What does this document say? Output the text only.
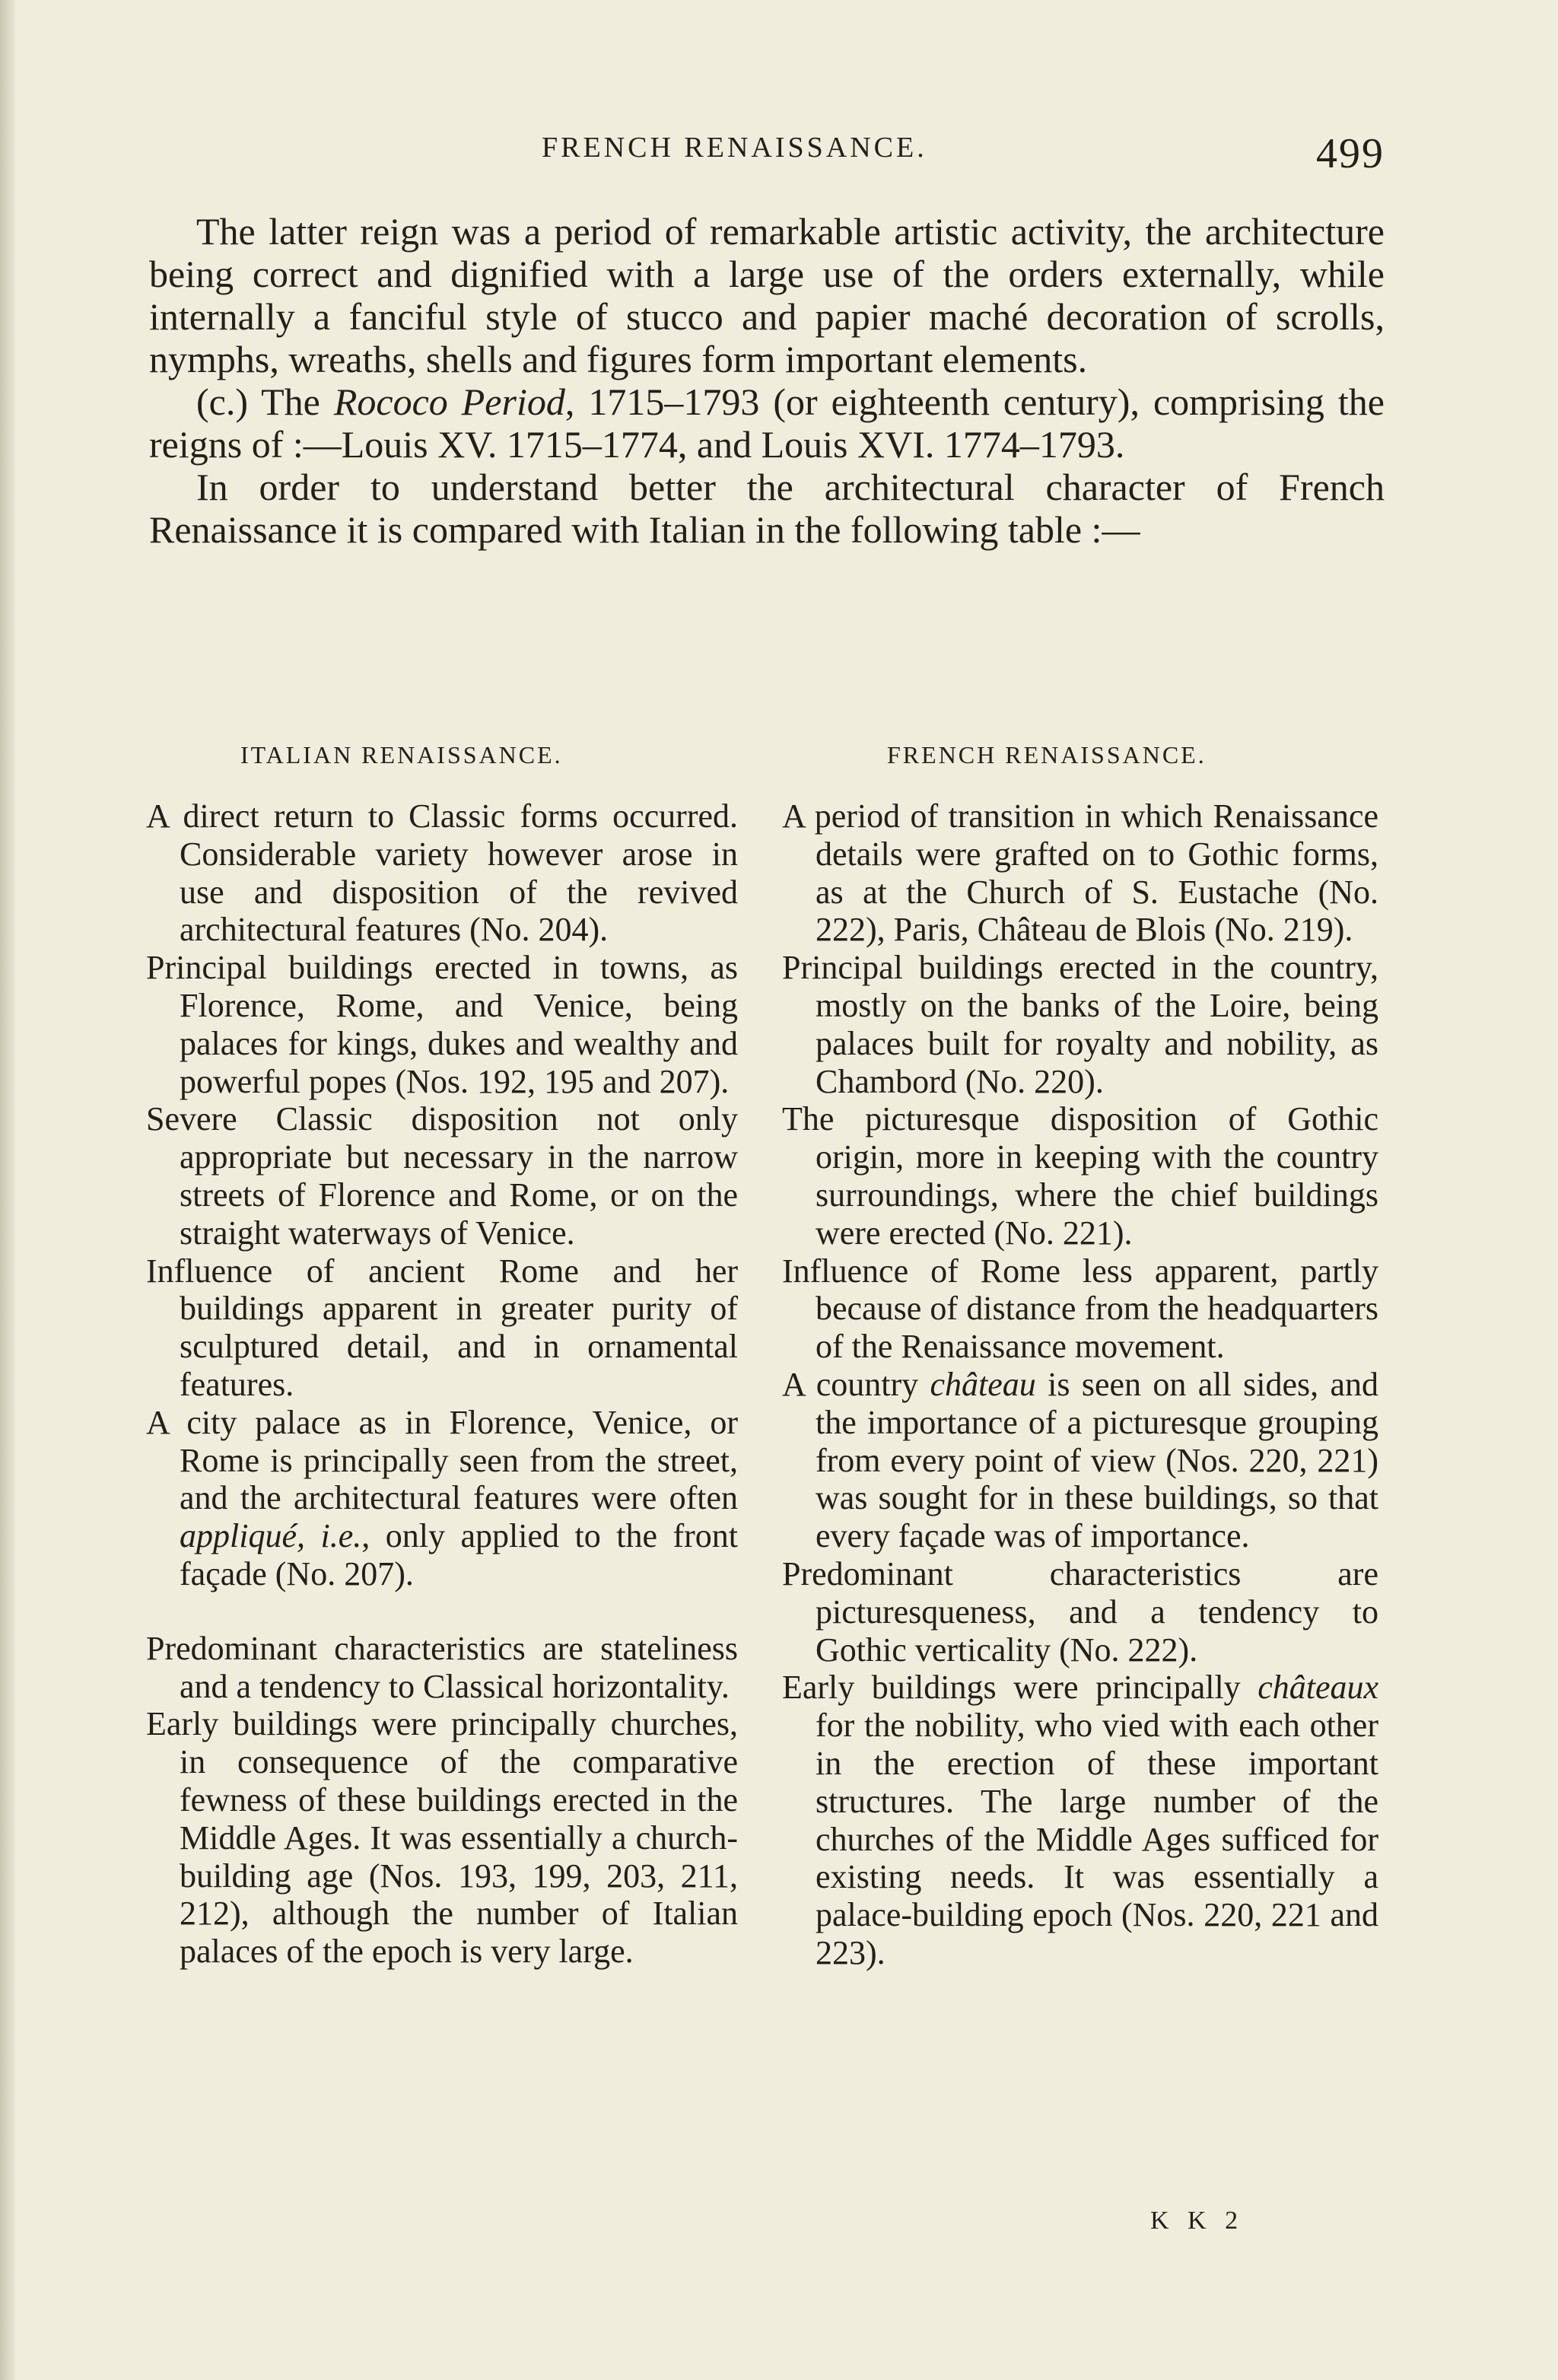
FRENCH RENAISSANCE.	499

The latter reign was a period of remarkable artistic activity, the architecture being correct and dignified with a large use of the orders externally, while internally a fanciful style of stucco and papier maché decoration of scrolls, nymphs, wreaths, shells and figures form important elements.

(c.) The Rococo Period, 1715–1793 (or eighteenth century), comprising the reigns of :—Louis XV. 1715–1774, and Louis XVI. 1774–1793.

In order to understand better the architectural character of French Renaissance it is compared with Italian in the following table :—

ITALIAN RENAISSANCE.	FRENCH RENAISSANCE.

A direct return to Classic forms occurred. Considerable variety however arose in use and disposition of the revived architectural features (No. 204).

Principal buildings erected in towns, as Florence, Rome, and Venice, being palaces for kings, dukes and wealthy and powerful popes (Nos. 192, 195 and 207).

Severe Classic disposition not only appropriate but necessary in the narrow streets of Florence and Rome, or on the straight waterways of Venice.

Influence of ancient Rome and her buildings apparent in greater purity of sculptured detail, and in ornamental features.

A city palace as in Florence, Venice, or Rome is principally seen from the street, and the architectural features were often appliqué, i.e., only applied to the front façade (No. 207).

Predominant characteristics are stateliness and a tendency to Classical horizontality.

Early buildings were principally churches, in consequence of the comparative fewness of these buildings erected in the Middle Ages. It was essentially a church-building age (Nos. 193, 199, 203, 211, 212), although the number of Italian palaces of the epoch is very large.

A period of transition in which Renaissance details were grafted on to Gothic forms, as at the Church of S. Eustache (No. 222), Paris, Château de Blois (No. 219).

Principal buildings erected in the country, mostly on the banks of the Loire, being palaces built for royalty and nobility, as Chambord (No. 220).

The picturesque disposition of Gothic origin, more in keeping with the country surroundings, where the chief buildings were erected (No. 221).

Influence of Rome less apparent, partly because of distance from the headquarters of the Renaissance movement.

A country château is seen on all sides, and the importance of a picturesque grouping from every point of view (Nos. 220, 221) was sought for in these buildings, so that every façade was of importance.

Predominant characteristics are picturesqueness, and a tendency to Gothic verticality (No. 222).

Early buildings were principally châteaux for the nobility, who vied with each other in the erection of these important structures. The large number of the churches of the Middle Ages sufficed for existing needs. It was essentially a palace-building epoch (Nos. 220, 221 and 223).

K K 2
